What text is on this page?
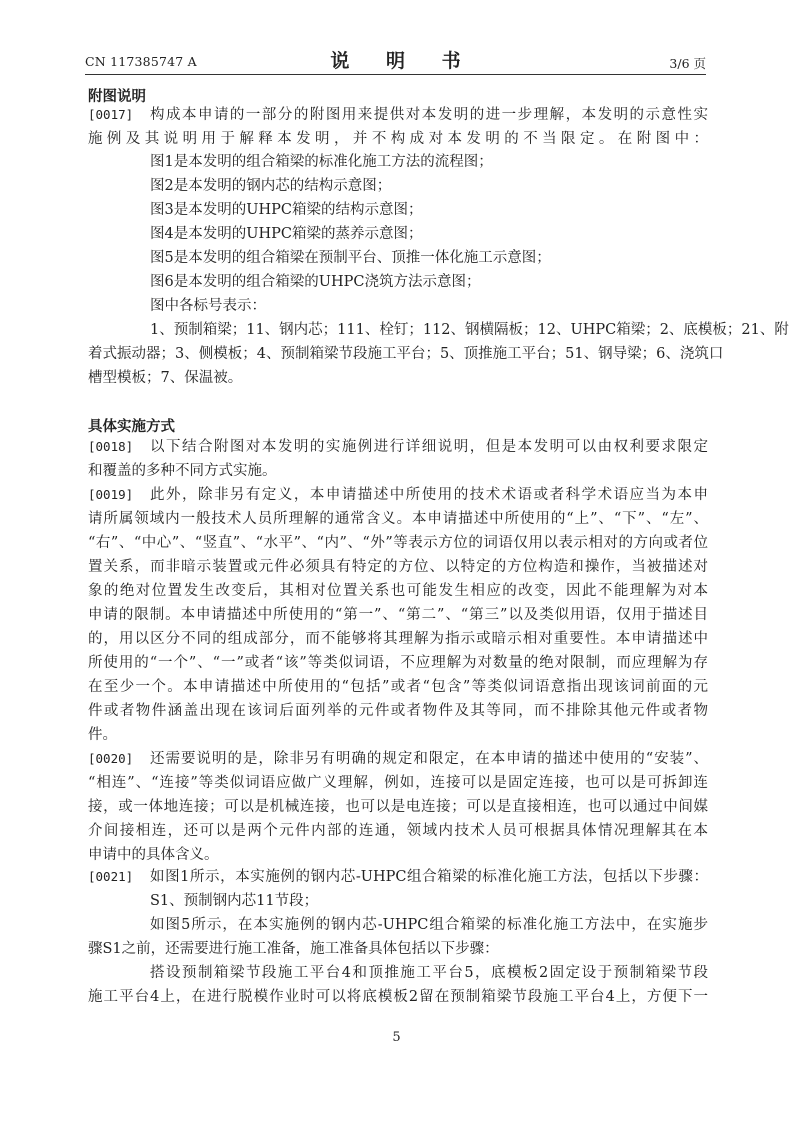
CN 117385747 A	说 明 书	3/6 页
附图说明
[0017] 构成本申请的一部分的附图用来提供对本发明的进一步理解，本发明的示意性实
施例及其说明用于解释本发明，并不构成对本发明的不当限定。在附图中：
图1是本发明的组合箱梁的标准化施工方法的流程图；
图2是本发明的钢内芯的结构示意图；
图3是本发明的UHPC箱梁的结构示意图；
图4是本发明的UHPC箱梁的蒸养示意图；
图5是本发明的组合箱梁在预制平台、顶推一体化施工示意图；
图6是本发明的组合箱梁的UHPC浇筑方法示意图；
图中各标号表示：
1、预制箱梁；11、钢内芯；111、栓钉；112、钢横隔板；12、UHPC箱梁；2、底模板；21、附
着式振动器；3、侧模板；4、预制箱梁节段施工平台；5、顶推施工平台；51、钢导梁；6、浇筑口
槽型模板；7、保温被。
具体实施方式
[0018] 以下结合附图对本发明的实施例进行详细说明，但是本发明可以由权利要求限定
和覆盖的多种不同方式实施。
[0019] 此外，除非另有定义，本申请描述中所使用的技术术语或者科学术语应当为本申
请所属领域内一般技术人员所理解的通常含义。本申请描述中所使用的“上”、“下”、“左”、
“右”、“中心”、“竖直”、“水平”、“内”、“外”等表示方位的词语仅用以表示相对的方向或者位
置关系，而非暗示装置或元件必须具有特定的方位、以特定的方位构造和操作，当被描述对
象的绝对位置发生改变后，其相对位置关系也可能发生相应的改变，因此不能理解为对本
申请的限制。本申请描述中所使用的“第一”、“第二”、“第三”以及类似用语，仅用于描述目
的，用以区分不同的组成部分，而不能够将其理解为指示或暗示相对重要性。本申请描述中
所使用的“一个”、“一”或者“该”等类似词语，不应理解为对数量的绝对限制，而应理解为存
在至少一个。本申请描述中所使用的“包括”或者“包含”等类似词语意指出现该词前面的元
件或者物件涵盖出现在该词后面列举的元件或者物件及其等同，而不排除其他元件或者物
件。
[0020] 还需要说明的是，除非另有明确的规定和限定，在本申请的描述中使用的“安装”、
“相连”、“连接”等类似词语应做广义理解，例如，连接可以是固定连接，也可以是可拆卸连
接，或一体地连接；可以是机械连接，也可以是电连接；可以是直接相连，也可以通过中间媒
介间接相连，还可以是两个元件内部的连通，领域内技术人员可根据具体情况理解其在本
申请中的具体含义。
[0021] 如图1所示，本实施例的钢内芯-UHPC组合箱梁的标准化施工方法，包括以下步骤：
S1、预制钢内芯11节段；
如图5所示，在本实施例的钢内芯-UHPC组合箱梁的标准化施工方法中，在实施步
骤S1之前，还需要进行施工准备，施工准备具体包括以下步骤：
搭设预制箱梁节段施工平台4和顶推施工平台5，底模板2固定设于预制箱梁节段
施工平台4上，在进行脱模作业时可以将底模板2留在预制箱梁节段施工平台4上，方便下一
5
